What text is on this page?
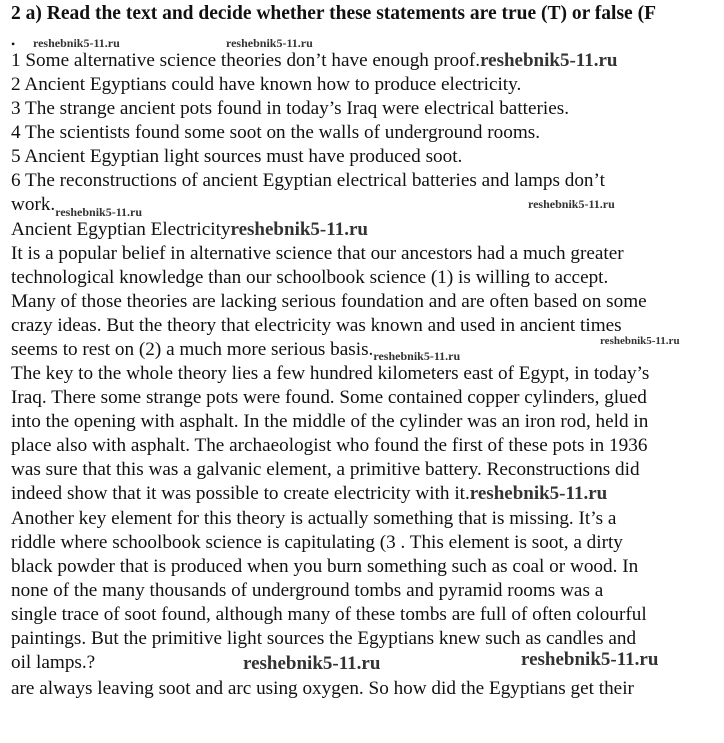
2 a) Read the text and decide whether these statements are true (T) or false (F
• reshebnik5-11.ru	reshebnik5-11.ru
1 Some alternative science theories don’t have enough proof.reshebnik5-11.ru
2 Ancient Egyptians could have known how to produce electricity.
3 The strange ancient pots found in today’s Iraq were electrical batteries.
4 The scientists found some soot on the walls of underground rooms.
5 Ancient Egyptian light sources must have produced soot.
6 The reconstructions of ancient Egyptian electrical batteries and lamps don’t
$work._{reshebnik5-11.ru}$
reshebnik5-11.ru
Ancient Egyptian Electricityreshebnik5-11.ru
It is a popular belief in alternative science that our ancestors had a much greater
technological knowledge than our schoolbook science (1) is willing to accept.
Many of those theories are lacking serious foundation and are often based on some
crazy ideas. But the theory that electricity was known and used in ancient times
seems to rest on (2) a much more serious $basis._{reshebnik5-11.ru}$
reshebnik5-11.ru
The key to the whole theory lies a few hundred kilometers east of Egypt, in today’s
Iraq. There some strange pots were found. Some contained copper cylinders, glued
into the opening with asphalt. In the middle of the cylinder was an iron rod, held in
place also with asphalt. The archaeologist who found the first of these pots in 1936
was sure that this was a galvanic element, a primitive battery. Reconstructions did
indeed show that it was possible to create electricity with it.reshebnik5-11.ru
Another key element for this theory is actually something that is missing. It’s a
riddle where schoolbook science is capitulating (3 . This element is soot, a dirty
black powder that is produced when you burn something such as coal or wood. In
none of the many thousands of underground tombs and pyramid rooms was a
single trace of soot found, although many of these tombs are full of often colourful
paintings. But the primitive light sources the Egyptians knew such as candles and
oil lamps.?	reshebnik5-11.ru	reshebnik5-11.ru
are always leaving soot and arc using oxygen. So how did the Egyptians get their
